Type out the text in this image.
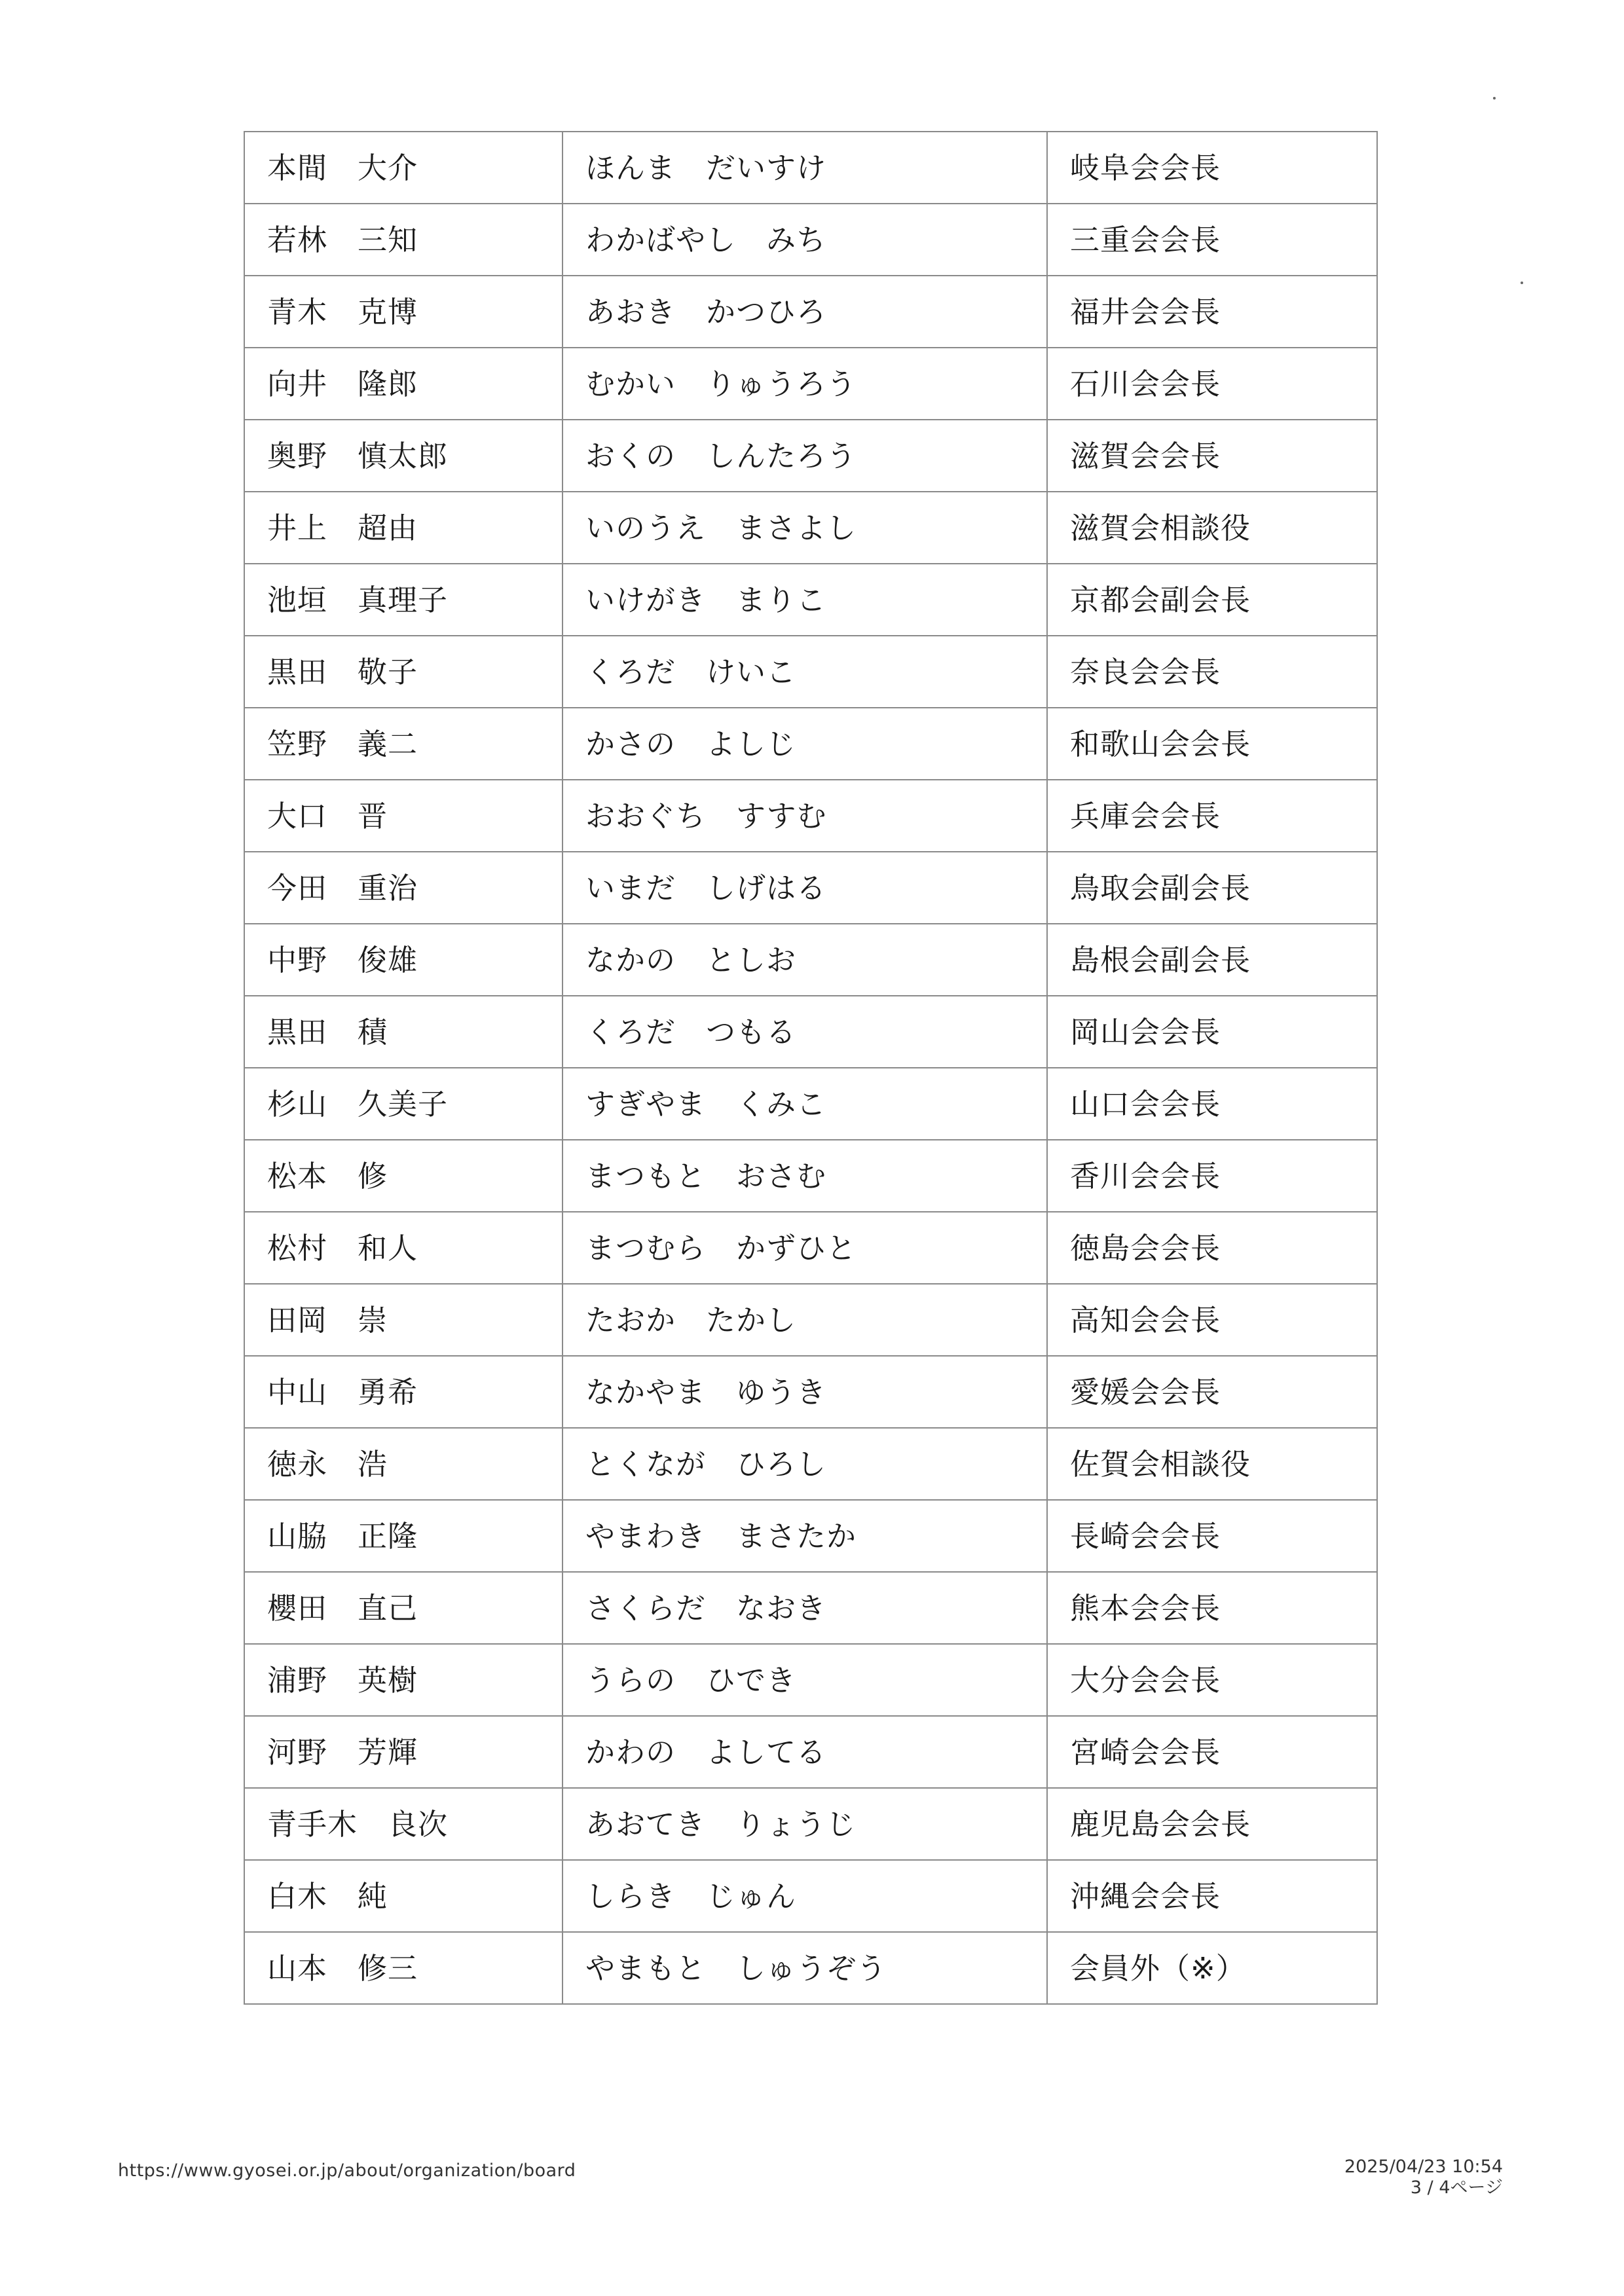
本間　大介	ほんま　だいすけ	岐阜会会長
若林　三知	わかばやし　みち	三重会会長
青木　克博	あおき　かつひろ	福井会会長
向井　隆郎	むかい　りゅうろう	石川会会長
奥野　慎太郎	おくの　しんたろう	滋賀会会長
井上　超由	いのうえ　まさよし	滋賀会相談役
池垣　真理子	いけがき　まりこ	京都会副会長
黒田　敬子	くろだ　けいこ	奈良会会長
笠野　義二	かさの　よしじ	和歌山会会長
大口　晋	おおぐち　すすむ	兵庫会会長
今田　重治	いまだ　しげはる	鳥取会副会長
中野　俊雄	なかの　としお	島根会副会長
黒田　積	くろだ　つもる	岡山会会長
杉山　久美子	すぎやま　くみこ	山口会会長
松本　修	まつもと　おさむ	香川会会長
松村　和人	まつむら　かずひと	徳島会会長
田岡　崇	たおか　たかし	高知会会長
中山　勇希	なかやま　ゆうき	愛媛会会長
徳永　浩	とくなが　ひろし	佐賀会相談役
山脇　正隆	やまわき　まさたか	長崎会会長
櫻田　直己	さくらだ　なおき	熊本会会長
浦野　英樹	うらの　ひでき	大分会会長
河野　芳輝	かわの　よしてる	宮崎会会長
青手木　良次	あおてき　りょうじ	鹿児島会会長
白木　純	しらき　じゅん	沖縄会会長
山本　修三	やまもと　しゅうぞう	会員外（※）
https://www.gyosei.or.jp/about/organization/board	2025/04/23 10:54
3 / 4ページ
